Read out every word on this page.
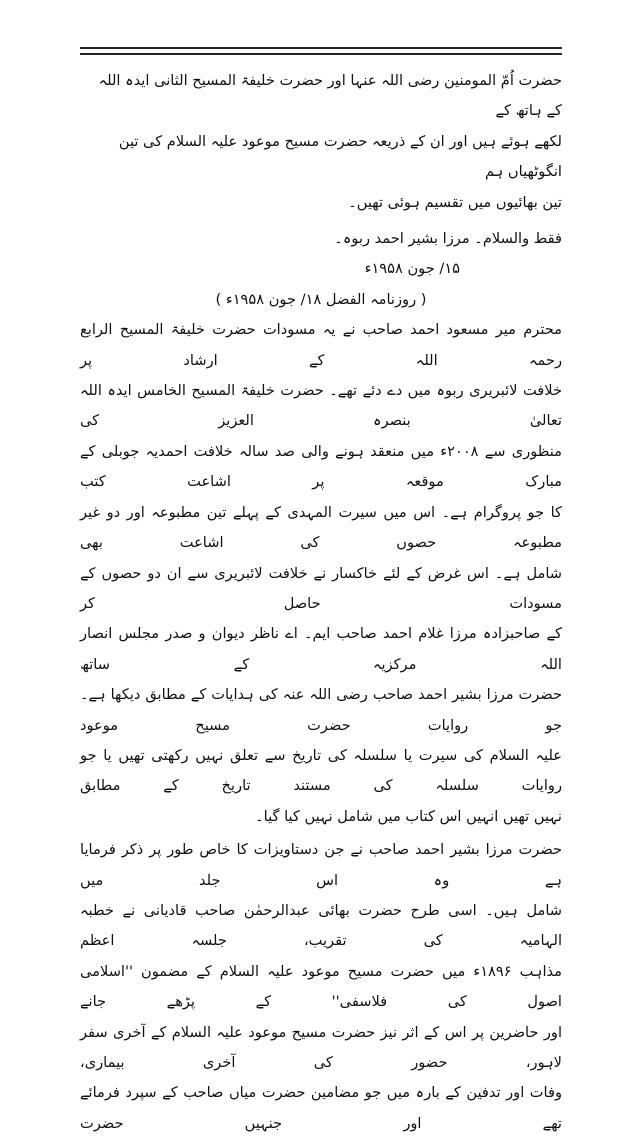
حضرت اُمّ المومنین رضی اللہ عنہا اور حضرت خلیفۃ المسیح الثانی ایدہ اللہ کے ہاتھ کے

لکھے ہوئے ہیں اور ان کے ذریعہ حضرت مسیح موعود علیہ السلام کی تین انگوٹھیاں ہم

تین بھائیوں میں تقسیم ہوئی تھیں۔

فقط والسلام۔ مرزا بشیر احمد ربوہ۔

۱۵/ جون ۱۹۵۸ء

( روزنامہ الفضل ۱۸/ جون ۱۹۵۸ء )

محترم میر مسعود احمد صاحب نے یہ مسودات حضرت خلیفۃ المسیح الرابع رحمہ اللہ کے ارشاد پر

خلافت لائبریری ربوہ میں دے دئے تھے۔ حضرت خلیفۃ المسیح الخامس ایدہ اللہ تعالیٰ بنصرہ العزیز کی

منظوری سے ۲۰۰۸ء میں منعقد ہونے والی صد سالہ خلافت احمدیہ جوبلی کے مبارک موقعہ پر اشاعت کتب

کا جو پروگرام ہے۔ اس میں سیرت المہدی کے پہلے تین مطبوعہ اور دو غیر مطبوعہ حصوں کی اشاعت بھی

شامل ہے۔ اس غرض کے لئے خاکسار نے خلافت لائبریری سے ان دو حصوں کے مسودات حاصل کر

کے صاحبزادہ مرزا غلام احمد صاحب ایم۔ اے ناظر دیوان و صدر مجلس انصار اللہ مرکزیہ کے ساتھ

حضرت مرزا بشیر احمد صاحب رضی اللہ عنہ کی ہدایات کے مطابق دیکھا ہے۔ جو روایات حضرت مسیح موعود

علیہ السلام کی سیرت یا سلسلہ کی تاریخ سے تعلق نہیں رکھتی تھیں یا جو روایات سلسلہ کی مستند تاریخ کے مطابق

نہیں تھیں انہیں اس کتاب میں شامل نہیں کیا گیا۔

حضرت مرزا بشیر احمد صاحب نے جن دستاویزات کا خاص طور پر ذکر فرمایا ہے وہ اس جلد میں

شامل ہیں۔ اسی طرح حضرت بھائی عبدالرحمٰن صاحب قادیانی نے خطبہ الہامیہ کی تقریب، جلسہ اعظم

مذاہب ۱۸۹۶ء میں حضرت مسیح موعود علیہ السلام کے مضمون ''اسلامی اصول کی فلاسفی'' کے پڑھے جانے

اور حاضرین پر اس کے اثر نیز حضرت مسیح موعود علیہ السلام کے آخری سفر لاہور، حضور کی آخری بیماری،

وفات اور تدفین کے بارہ میں جو مضامین حضرت میاں صاحب کے سپرد فرمائے تھے اور جنہیں حضرت
